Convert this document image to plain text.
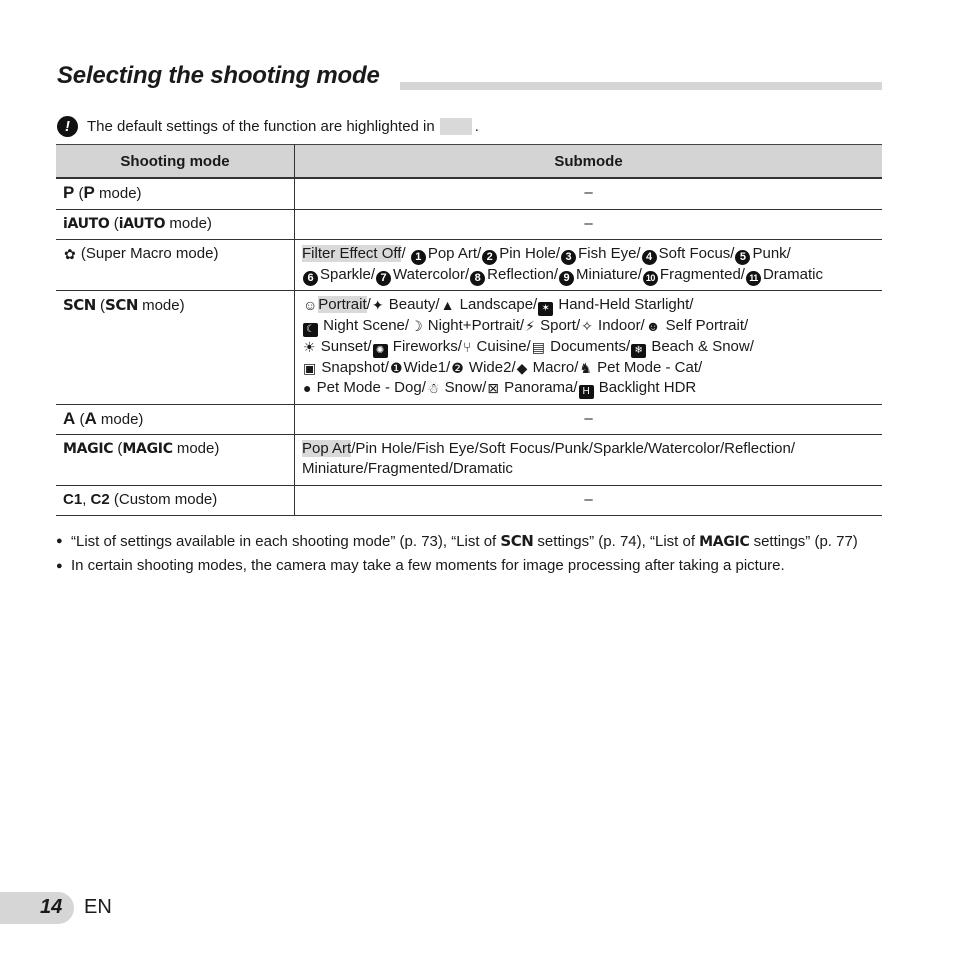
Selecting the shooting mode
!	The default settings of the function are highlighted in	.
Shooting mode	Submode
P (P mode)	–
iAUTO (iAUTO mode)	–
✿ (Super Macro mode)	Filter Effect Off/ 1 Pop Art/ 2 Pin Hole/ 3 Fish Eye/ 4 Soft Focus/ 5 Punk/
6 Sparkle/ 7 Watercolor/ 8 Reflection/ 9 Miniature/ 10 Fragmented/ 11 Dramatic
SCN (SCN mode)	☺Portrait/✦ Beauty/▲ Landscape/ ✶ Hand-Held Starlight/
☾ Night Scene/☽ Night+Portrait/⚡ Sport/✧ Indoor/☻ Self Portrait/
☀ Sunset/ ✺ Fireworks/⑂ Cuisine/▤ Documents/ ❄ Beach & Snow/
▣ Snapshot/❶Wide1/❷ Wide2/◆ Macro/♞ Pet Mode - Cat/
● Pet Mode - Dog/☃ Snow/⊠ Panorama/ H Backlight HDR
A (A mode)	–
MAGIC (MAGIC mode)	Pop Art/Pin Hole/Fish Eye/Soft Focus/Punk/Sparkle/Watercolor/Reflection/ Miniature/Fragmented/Dramatic
C1, C2 (Custom mode)	–
● “List of settings available in each shooting mode” (p. 73), “List of SCN settings” (p. 74), “List of MAGIC settings” (p. 77)
● In certain shooting modes, the camera may take a few moments for image processing after taking a picture.
14 EN
